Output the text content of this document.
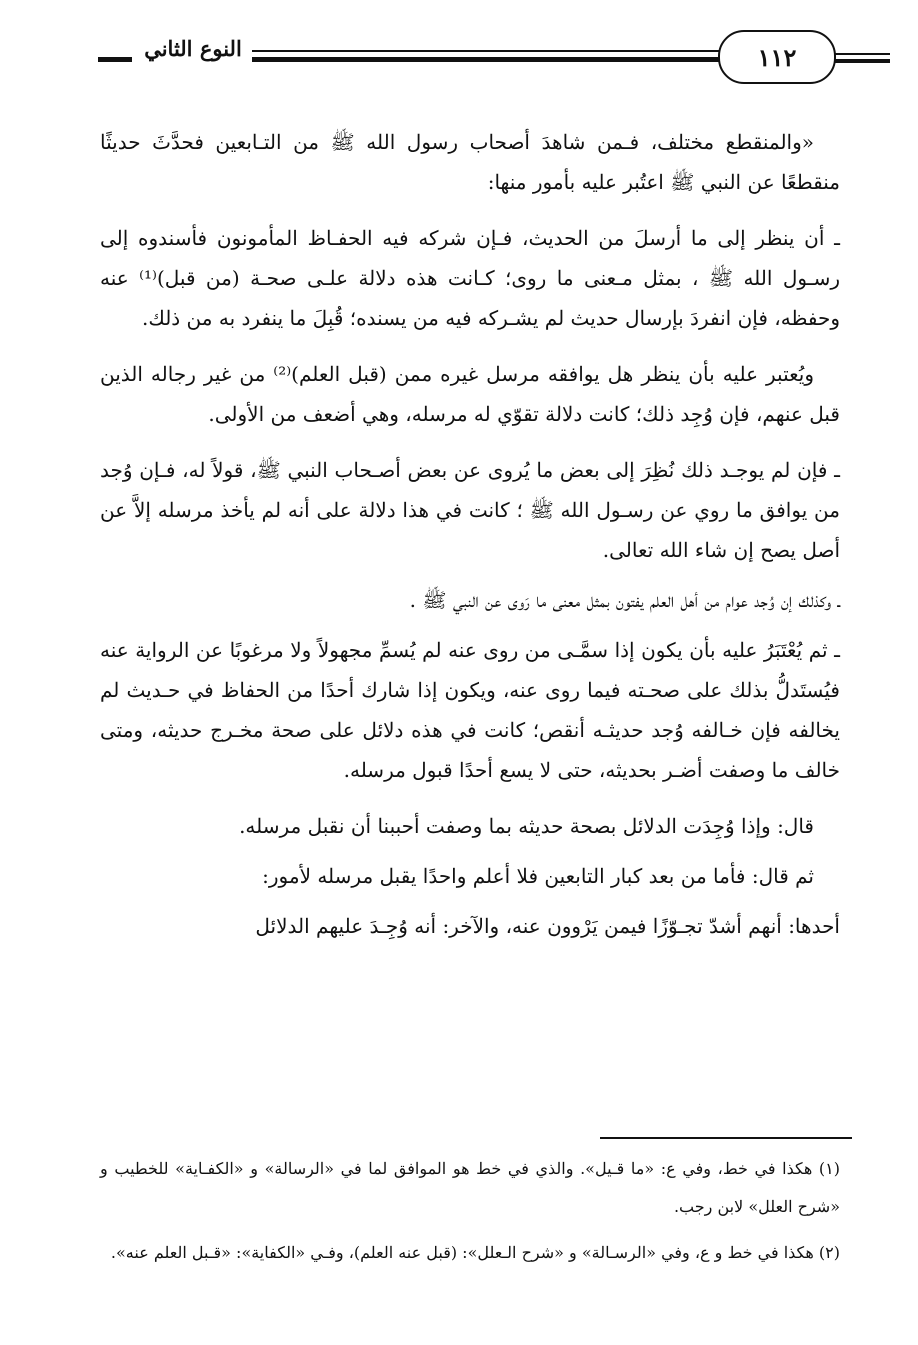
النوع الثاني	١١٢

«والمنقطع مختلف، فـمن شاهدَ أصحاب رسول الله ﷺ من التـابعين فحدَّثَ حديثًا منقطعًا عن النبي ﷺ اعتُبر عليه بأمور منها:

ـ أن ينظر إلى ما أرسلَ من الحديث، فـإن شركه فيه الحفـاظ المأمونون فأسندوه إلى رسـول الله ﷺ ، بمثل مـعنى ما روى؛ كـانت هذه دلالة علـى صحـة (من قبل)⁽¹⁾ عنه وحفظه، فإن انفردَ بإرسال حديث لم يشـركه فيه من يسنده؛ قُبِلَ ما ينفرد به من ذلك.

ويُعتبر عليه بأن ينظر هل يوافقه مرسل غيره ممن (قبل العلم)⁽²⁾ من غير رجاله الذين قبل عنهم، فإن وُجِد ذلك؛ كانت دلالة تقوّي له مرسله، وهي أضعف من الأولى.

ـ فإن لم يوجـد ذلك نُظِرَ إلى بعض ما يُروى عن بعض أصـحاب النبي ﷺ، قولاً له، فـإن وُجد من يوافق ما روي عن رسـول الله ﷺ ؛ كانت في هذا دلالة على أنه لم يأخذ مرسله إلاَّ عن أصل يصح إن شاء الله تعالى.

ـ وكذلك إن وُجد عوام من أهل العلم يفتون بمثل معنى ما رَوى عن النبي ﷺ .

ـ ثم يُعْتَبَرُ عليه بأن يكون إذا سمَّـى من روى عنه لم يُسمِّ مجهولاً ولا مرغوبًا عن الرواية عنه فيُستَدلُّ بذلك على صحـته فيما روى عنه، ويكون إذا شارك أحدًا من الحفاظ في حـديث لم يخالفه فإن خـالفه وُجد حديثـه أنقص؛ كانت في هذه دلائل على صحة مخـرج حديثه، ومتى خالف ما وصفت أضـر بحديثه، حتى لا يسع أحدًا قبول مرسله.

قال: وإذا وُجِدَت الدلائل بصحة حديثه بما وصفت أحببنا أن نقبل مرسله.

ثم قال: فأما من بعد كبار التابعين فلا أعلم واحدًا يقبل مرسله لأمور:

أحدها: أنهم أشدّ تجـوّزًا فيمن يَرْوون عنه، والآخر: أنه وُجِـدَ عليهم الدلائل

(١) هكذا في خط، وفي ع: «ما قـيل». والذي في خط هو الموافق لما في «الرسالة» و «الكفـاية» للخطيب و «شرح العلل» لابن رجب.

(٢) هكذا في خط و ع، وفي «الرسـالة» و «شرح الـعلل»: (قبل عنه العلم)، وفـي «الكفاية»: «قـبل العلم عنه».
